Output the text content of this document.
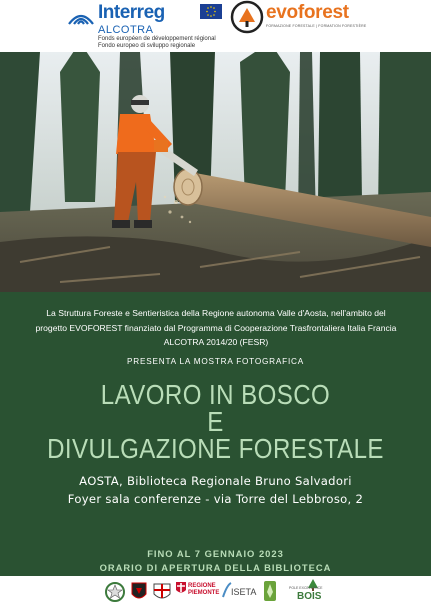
Interreg
ALCOTRA
Fonds européen de développement régional
Fondo europeo di sviluppo regionale
evoforest
FORMAZIONE FORESTALE | FORMATION FORESTIÈRE
La Struttura Foreste e Sentieristica della Regione autonoma Valle d'Aosta, nell'ambito del
progetto EVOFOREST finanziato dal Programma di Cooperazione Trasfrontaliera Italia Francia
ALCOTRA 2014/20 (FESR)
PRESENTA LA MOSTRA FOTOGRAFICA
LAVORO IN BOSCO
E
DIVULGAZIONE FORESTALE
AOSTA, Biblioteca Regionale Bruno Salvadori
Foyer sala conferenze - via Torre del Lebbroso, 2
FINO AL 7 GENNAIO 2023
ORARIO DI APERTURA DELLA BIBLIOTECA
REGIONE
PIEMONTE ISETA	POLE EXCELLENCE
BOIS
